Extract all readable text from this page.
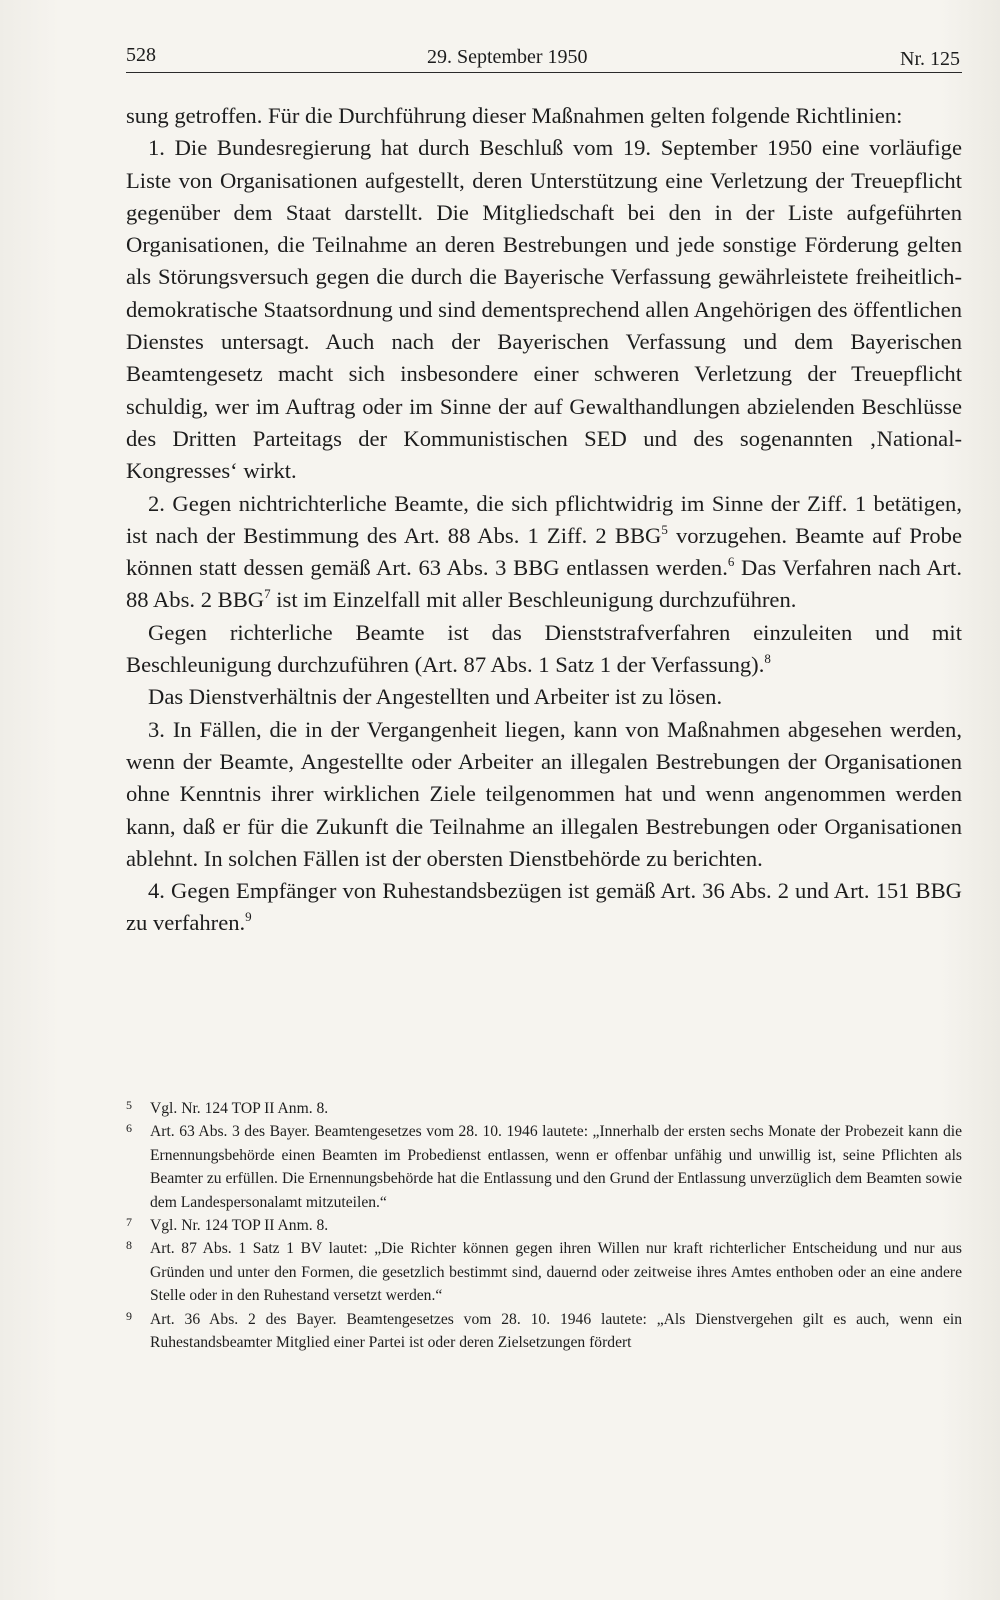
528	29. September 1950	Nr. 125

sung getroffen. Für die Durchführung dieser Maßnahmen gelten folgende Richtlinien:

1. Die Bundesregierung hat durch Beschluß vom 19. September 1950 eine vorläufige Liste von Organisationen aufgestellt, deren Unterstützung eine Verletzung der Treuepflicht gegenüber dem Staat darstellt. Die Mitgliedschaft bei den in der Liste aufgeführten Organisationen, die Teilnahme an deren Bestrebungen und jede sonstige Förderung gelten als Störungsversuch gegen die durch die Bayerische Verfassung gewährleistete freiheitlich-demokratische Staatsordnung und sind dementsprechend allen Angehörigen des öffentlichen Dienstes untersagt. Auch nach der Bayerischen Verfassung und dem Bayerischen Beamtengesetz macht sich insbesondere einer schweren Verletzung der Treuepflicht schuldig, wer im Auftrag oder im Sinne der auf Gewalthandlungen abzielenden Beschlüsse des Dritten Parteitags der Kommunistischen SED und des sogenannten ‚National-Kongresses‘ wirkt.

2. Gegen nichtrichterliche Beamte, die sich pflichtwidrig im Sinne der Ziff. 1 betätigen, ist nach der Bestimmung des Art. 88 Abs. 1 Ziff. 2 BBG$^5$ vorzugehen. Beamte auf Probe können statt dessen gemäß Art. 63 Abs. 3 BBG entlassen werden.$^6$ Das Verfahren nach Art. 88 Abs. 2 BBG$^7$ ist im Einzelfall mit aller Beschleunigung durchzuführen.

Gegen richterliche Beamte ist das Dienststrafverfahren einzuleiten und mit Beschleunigung durchzuführen (Art. 87 Abs. 1 Satz 1 der Verfassung).$^8$

Das Dienstverhältnis der Angestellten und Arbeiter ist zu lösen.

3. In Fällen, die in der Vergangenheit liegen, kann von Maßnahmen abgesehen werden, wenn der Beamte, Angestellte oder Arbeiter an illegalen Bestrebungen der Organisationen ohne Kenntnis ihrer wirklichen Ziele teilgenommen hat und wenn angenommen werden kann, daß er für die Zukunft die Teilnahme an illegalen Bestrebungen oder Organisationen ablehnt. In solchen Fällen ist der obersten Dienstbehörde zu berichten.

4. Gegen Empfänger von Ruhestandsbezügen ist gemäß Art. 36 Abs. 2 und Art. 151 BBG zu verfahren.$^9$

5 Vgl. Nr. 124 TOP II Anm. 8.
6 Art. 63 Abs. 3 des Bayer. Beamtengesetzes vom 28. 10. 1946 lautete: „Innerhalb der ersten sechs Monate der Probezeit kann die Ernennungsbehörde einen Beamten im Probedienst entlassen, wenn er offenbar unfähig und unwillig ist, seine Pflichten als Beamter zu erfüllen. Die Ernennungsbehörde hat die Entlassung und den Grund der Entlassung unverzüglich dem Beamten sowie dem Landespersonalamt mitzuteilen.“
7 Vgl. Nr. 124 TOP II Anm. 8.
8 Art. 87 Abs. 1 Satz 1 BV lautet: „Die Richter können gegen ihren Willen nur kraft richterlicher Entscheidung und nur aus Gründen und unter den Formen, die gesetzlich bestimmt sind, dauernd oder zeitweise ihres Amtes enthoben oder an eine andere Stelle oder in den Ruhestand versetzt werden.“
9 Art. 36 Abs. 2 des Bayer. Beamtengesetzes vom 28. 10. 1946 lautete: „Als Dienstvergehen gilt es auch, wenn ein Ruhestandsbeamter Mitglied einer Partei ist oder deren Zielsetzungen fördert
